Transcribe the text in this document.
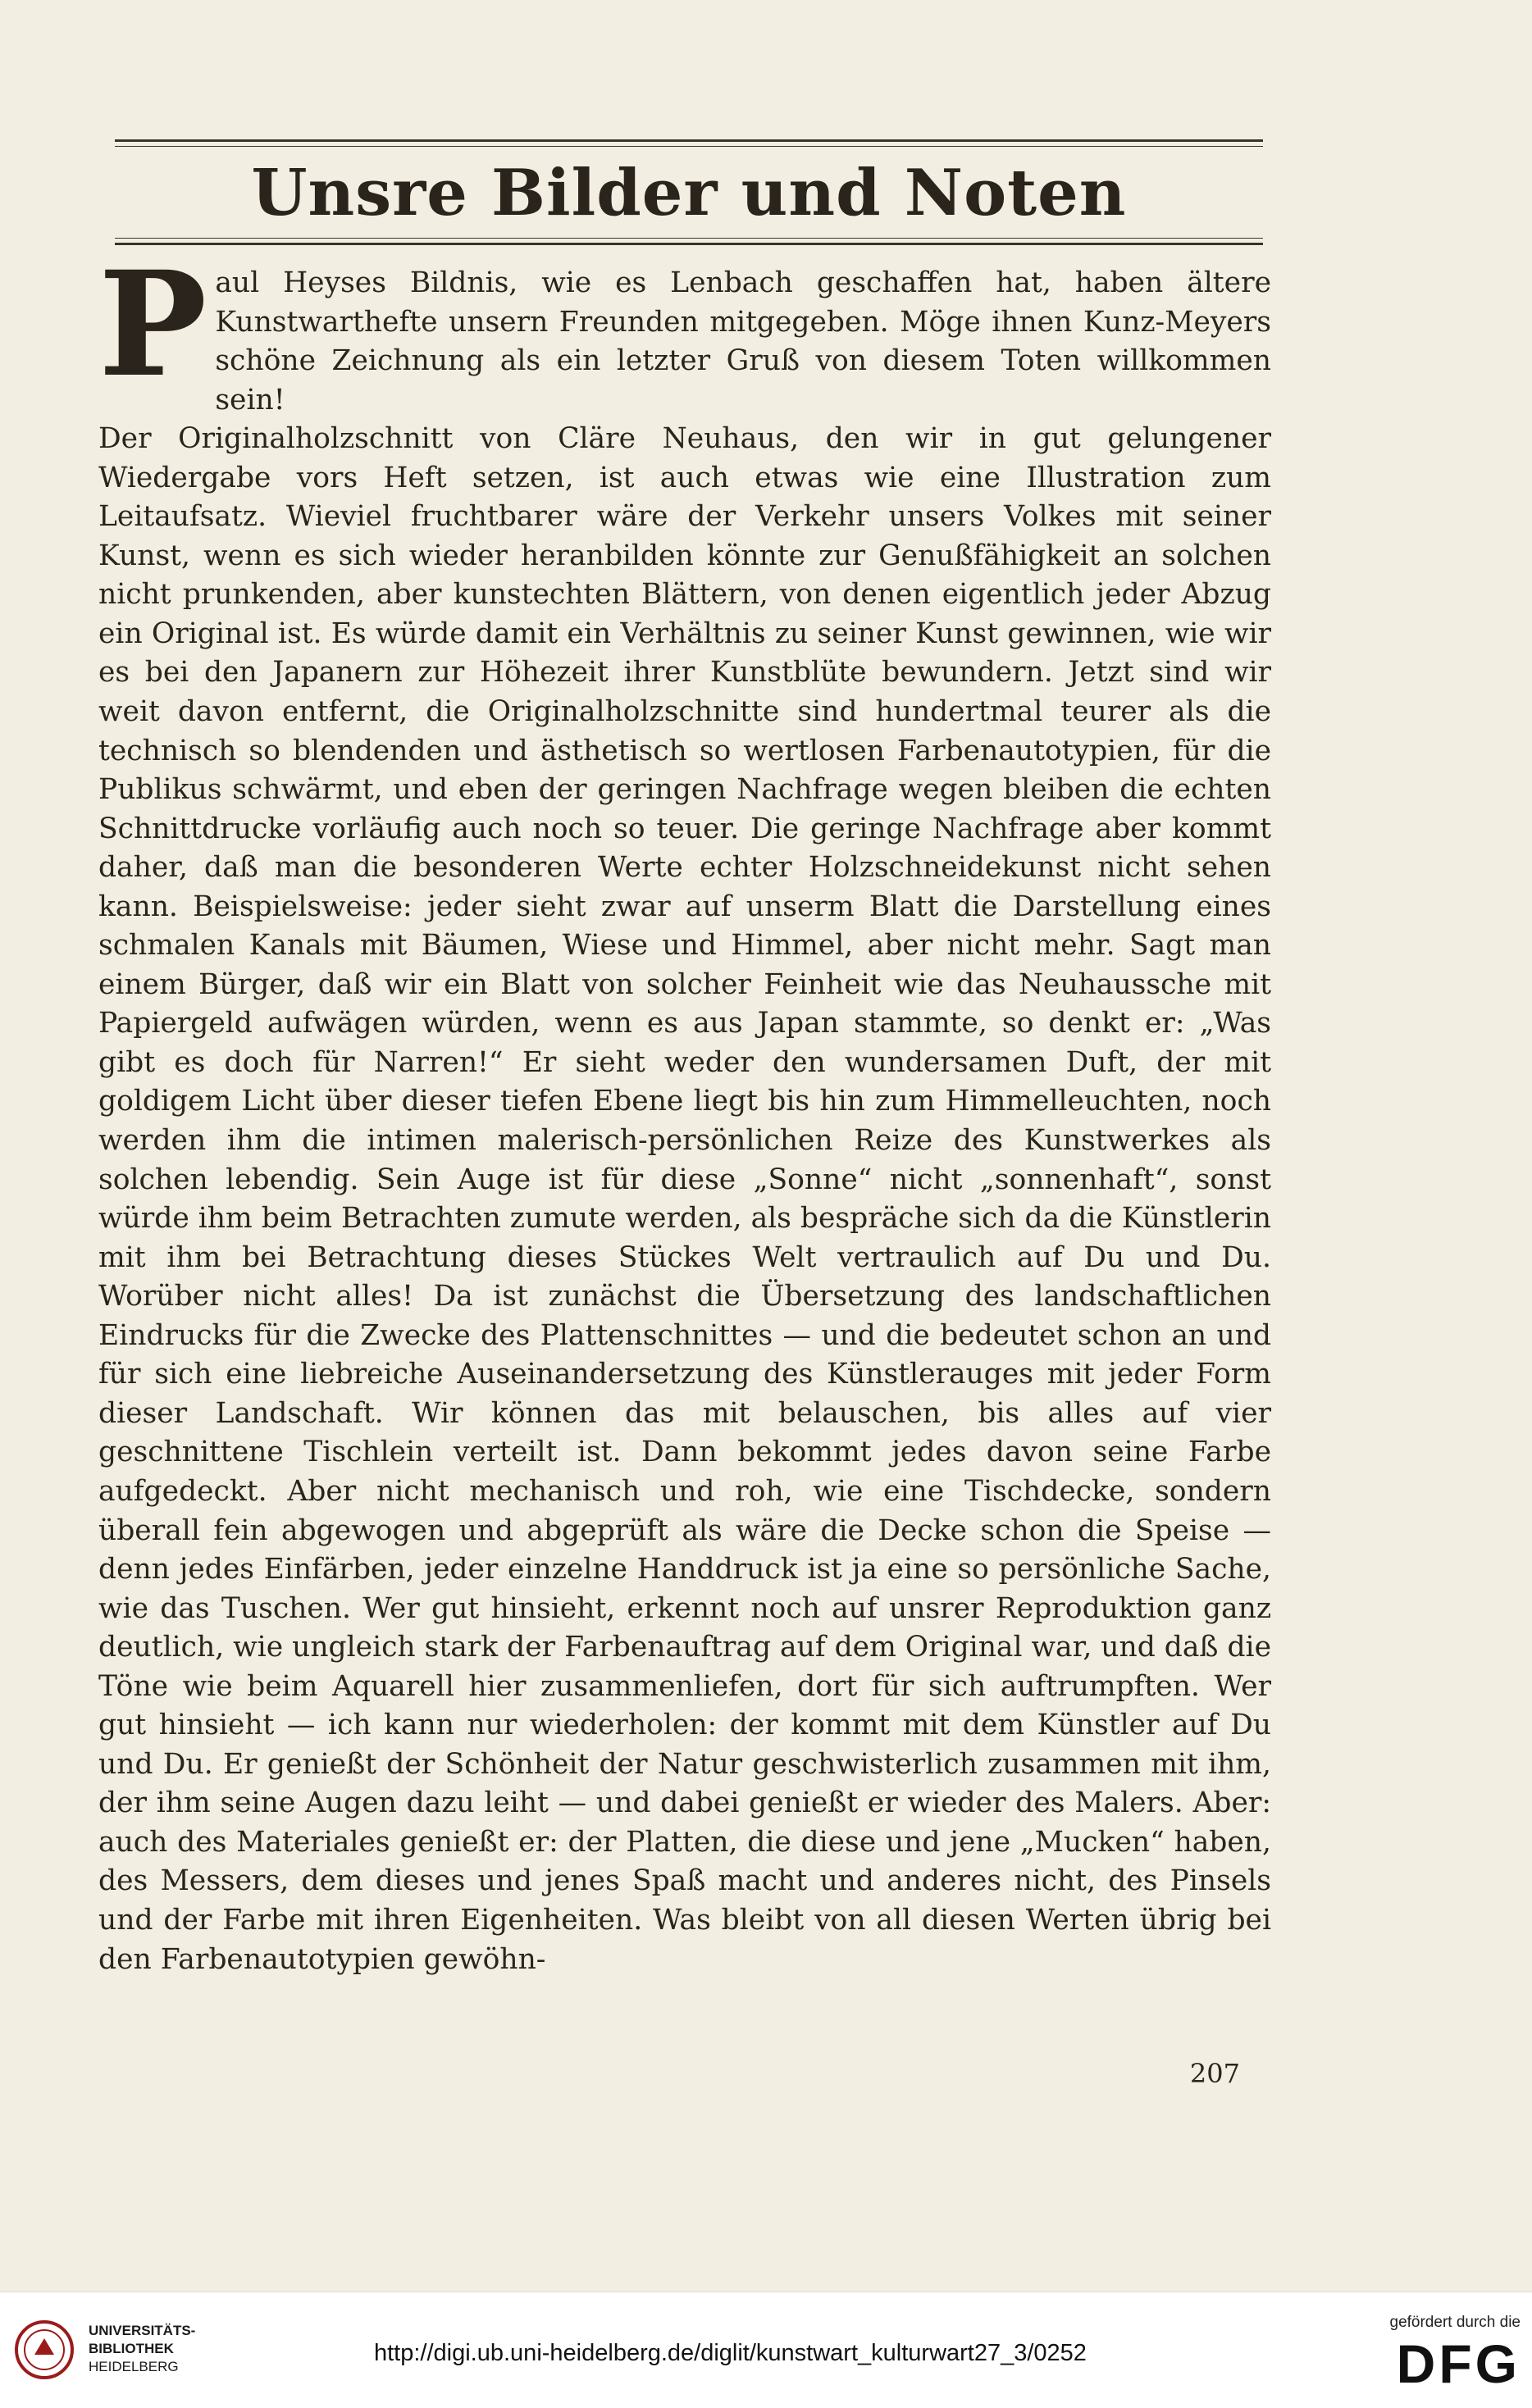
Unsre Bilder und Noten

Paul Heyses Bildnis, wie es Lenbach geschaffen hat, haben ältere Kunstwarthefte unsern Freunden mitgegeben. Möge ihnen Kunz-Meyers schöne Zeichnung als ein letzter Gruß von diesem Toten willkommen sein!

Der Originalholzschnitt von Cläre Neuhaus, den wir in gut gelungener Wiedergabe vors Heft setzen, ist auch etwas wie eine Illustration zum Leitaufsatz. Wieviel fruchtbarer wäre der Verkehr unsers Volkes mit seiner Kunst, wenn es sich wieder heranbilden könnte zur Genußfähigkeit an solchen nicht prunkenden, aber kunstechten Blättern, von denen eigentlich jeder Abzug ein Original ist. Es würde damit ein Verhältnis zu seiner Kunst gewinnen, wie wir es bei den Japanern zur Höhezeit ihrer Kunstblüte bewundern. Jetzt sind wir weit davon entfernt, die Originalholzschnitte sind hundertmal teurer als die technisch so blendenden und ästhetisch so wertlosen Farbenautotypien, für die Publikus schwärmt, und eben der geringen Nachfrage wegen bleiben die echten Schnittdrucke vorläufig auch noch so teuer. Die geringe Nachfrage aber kommt daher, daß man die besonderen Werte echter Holzschneidekunst nicht sehen kann. Beispielsweise: jeder sieht zwar auf unserm Blatt die Darstellung eines schmalen Kanals mit Bäumen, Wiese und Himmel, aber nicht mehr. Sagt man einem Bürger, daß wir ein Blatt von solcher Feinheit wie das Neuhaussche mit Papiergeld aufwägen würden, wenn es aus Japan stammte, so denkt er: „Was gibt es doch für Narren!“ Er sieht weder den wundersamen Duft, der mit goldigem Licht über dieser tiefen Ebene liegt bis hin zum Himmelleuchten, noch werden ihm die intimen malerisch-persönlichen Reize des Kunstwerkes als solchen lebendig. Sein Auge ist für diese „Sonne“ nicht „sonnenhaft“, sonst würde ihm beim Betrachten zumute werden, als bespräche sich da die Künstlerin mit ihm bei Betrachtung dieses Stückes Welt vertraulich auf Du und Du. Worüber nicht alles! Da ist zunächst die Übersetzung des landschaftlichen Eindrucks für die Zwecke des Plattenschnittes — und die bedeutet schon an und für sich eine liebreiche Auseinandersetzung des Künstlerauges mit jeder Form dieser Landschaft. Wir können das mit belauschen, bis alles auf vier geschnittene Tischlein verteilt ist. Dann bekommt jedes davon seine Farbe aufgedeckt. Aber nicht mechanisch und roh, wie eine Tischdecke, sondern überall fein abgewogen und abgeprüft als wäre die Decke schon die Speise — denn jedes Einfärben, jeder einzelne Handdruck ist ja eine so persönliche Sache, wie das Tuschen. Wer gut hinsieht, erkennt noch auf unsrer Reproduktion ganz deutlich, wie ungleich stark der Farbenauftrag auf dem Original war, und daß die Töne wie beim Aquarell hier zusammenliefen, dort für sich auftrumpften. Wer gut hinsieht — ich kann nur wiederholen: der kommt mit dem Künstler auf Du und Du. Er genießt der Schönheit der Natur geschwisterlich zusammen mit ihm, der ihm seine Augen dazu leiht — und dabei genießt er wieder des Malers. Aber: auch des Materiales genießt er: der Platten, die diese und jene „Mucken“ haben, des Messers, dem dieses und jenes Spaß macht und anderes nicht, des Pinsels und der Farbe mit ihren Eigenheiten. Was bleibt von all diesen Werten übrig bei den Farbenautotypien gewöhn-

207
UNIVERSITÄTS-
BIBLIOTHEK
HEIDELBERG
http://digi.ub.uni-heidelberg.de/diglit/kunstwart_kulturwart27_3/0252
gefördert durch die
DFG
